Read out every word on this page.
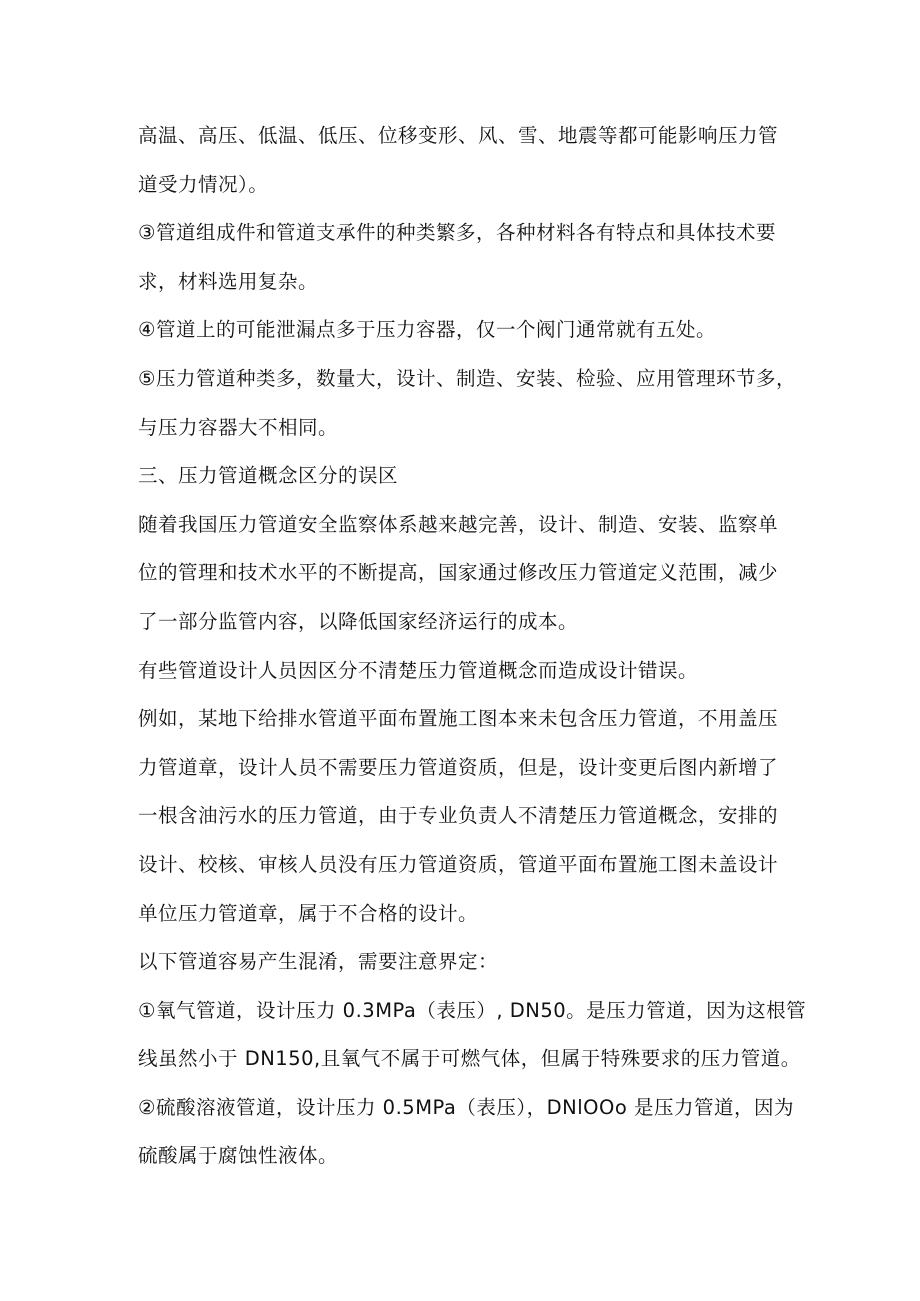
高温、高压、低温、低压、位移变形、风、雪、地震等都可能影响压力管
道受力情况）。
③管道组成件和管道支承件的种类繁多，各种材料各有特点和具体技术要
求，材料选用复杂。
④管道上的可能泄漏点多于压力容器，仅一个阀门通常就有五处。
⑤压力管道种类多，数量大，设计、制造、安装、检验、应用管理环节多，
与压力容器大不相同。
三、压力管道概念区分的误区
随着我国压力管道安全监察体系越来越完善，设计、制造、安装、监察单
位的管理和技术水平的不断提高，国家通过修改压力管道定义范围，减少
了一部分监管内容，以降低国家经济运行的成本。
有些管道设计人员因区分不清楚压力管道概念而造成设计错误。
例如，某地下给排水管道平面布置施工图本来未包含压力管道，不用盖压
力管道章，设计人员不需要压力管道资质，但是，设计变更后图内新增了
一根含油污水的压力管道，由于专业负责人不清楚压力管道概念，安排的
设计、校核、审核人员没有压力管道资质，管道平面布置施工图未盖设计
单位压力管道章，属于不合格的设计。
以下管道容易产生混淆，需要注意界定：
①氧气管道，设计压力 0.3MPa（表压）, DN50。是压力管道，因为这根管
线虽然小于 DN150,且氧气不属于可燃气体，但属于特殊要求的压力管道。
②硫酸溶液管道，设计压力 0.5MPa（表压），DNlOOo 是压力管道，因为
硫酸属于腐蚀性液体。
